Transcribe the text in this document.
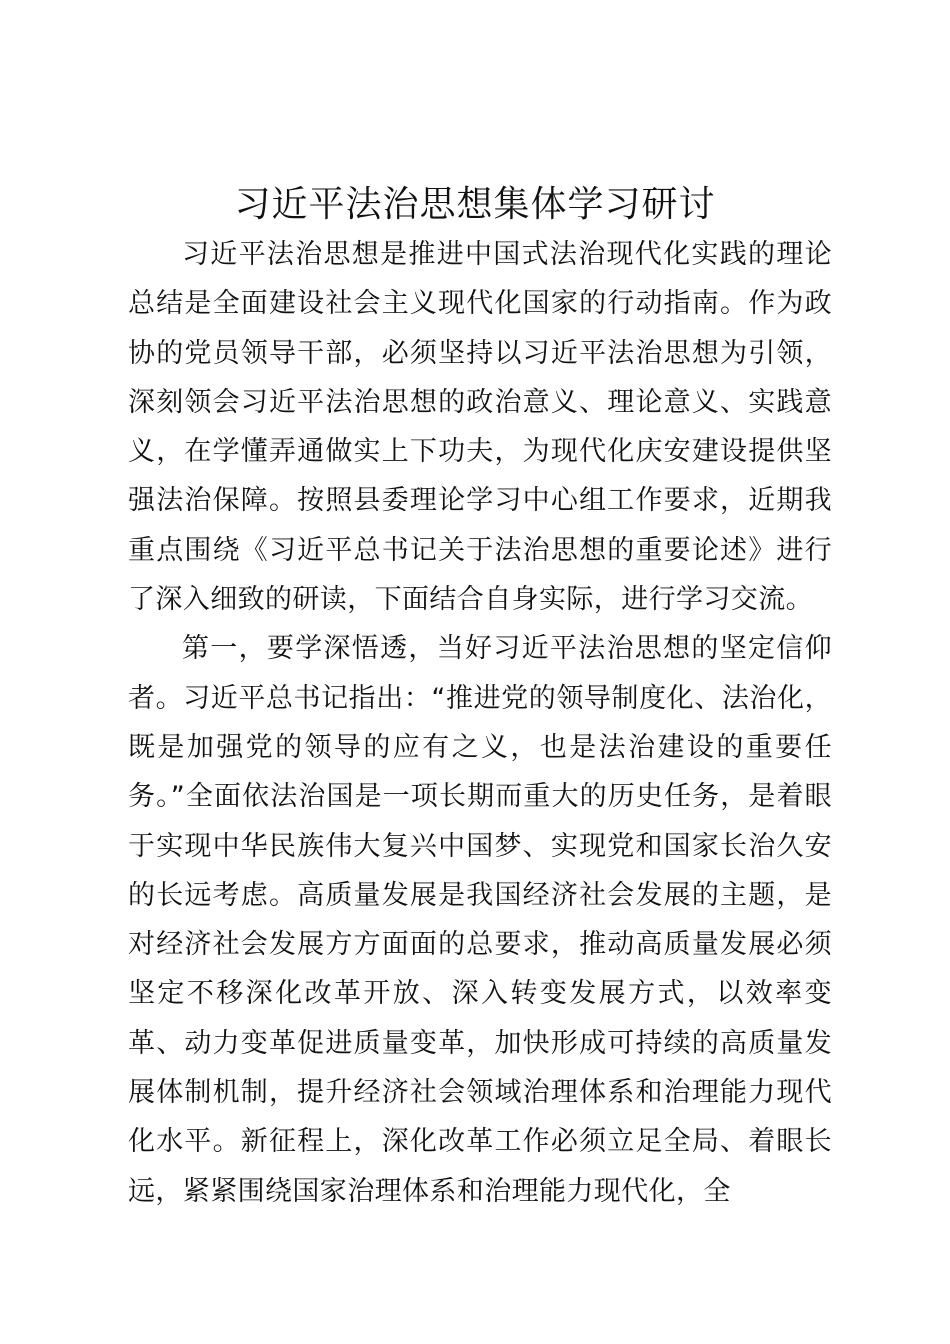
习近平法治思想集体学习研讨

习近平法治思想是推进中国式法治现代化实践的理论总结是全面建设社会主义现代化国家的行动指南。作为政协的党员领导干部，必须坚持以习近平法治思想为引领，深刻领会习近平法治思想的政治意义、理论意义、实践意义，在学懂弄通做实上下功夫，为现代化庆安建设提供坚强法治保障。按照县委理论学习中心组工作要求，近期我重点围绕《习近平总书记关于法治思想的重要论述》进行了深入细致的研读，下面结合自身实际，进行学习交流。

第一，要学深悟透，当好习近平法治思想的坚定信仰者。习近平总书记指出：“推进党的领导制度化、法治化，既是加强党的领导的应有之义，也是法治建设的重要任务。”全面依法治国是一项长期而重大的历史任务，是着眼于实现中华民族伟大复兴中国梦、实现党和国家长治久安的长远考虑。高质量发展是我国经济社会发展的主题，是对经济社会发展方方面面的总要求，推动高质量发展必须坚定不移深化改革开放、深入转变发展方式，以效率变革、动力变革促进质量变革，加快形成可持续的高质量发展体制机制，提升经济社会领域治理体系和治理能力现代化水平。新征程上，深化改革工作必须立足全局、着眼长远，紧紧围绕国家治理体系和治理能力现代化，全
